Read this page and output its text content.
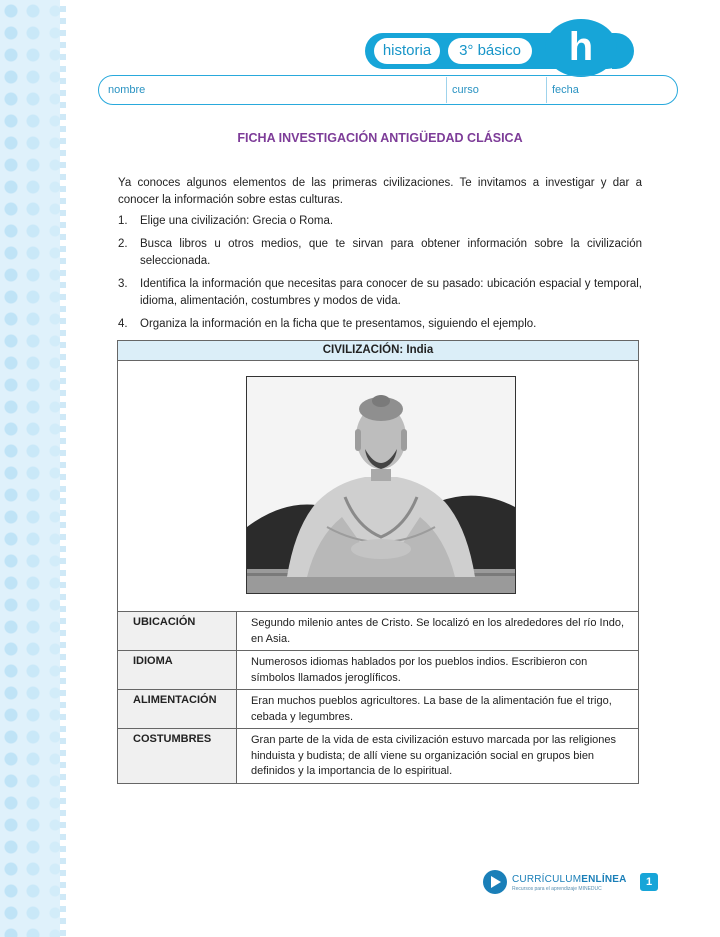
historia	3° básico	h
nombre	curso	fecha
FICHA INVESTIGACIÓN ANTIGÜEDAD CLÁSICA

Ya conoces algunos elementos de las primeras civilizaciones. Te invitamos a investigar y dar a conocer la información sobre estas culturas.

1. Elige una civilización: Grecia o Roma.
2. Busca libros u otros medios, que te sirvan para obtener información sobre la civilización seleccionada.
3. Identifica la información que necesitas para conocer de su pasado: ubicación espacial y temporal, idioma, alimentación, costumbres y modos de vida.
4. Organiza la información en la ficha que te presentamos, siguiendo el ejemplo.
CIVILIZACIÓN: India
UBICACIÓN	Segundo milenio antes de Cristo. Se localizó en los alrededores del río Indo, en Asia.
IDIOMA	Numerosos idiomas hablados por los pueblos indios. Escribieron con símbolos llamados jeroglíficos.
ALIMENTACIÓN	Eran muchos pueblos agricultores. La base de la alimentación fue el trigo, cebada y legumbres.
COSTUMBRES	Gran parte de la vida de esta civilización estuvo marcada por las religiones hinduista y budista; de allí viene su organización social en grupos bien definidos y la importancia de lo espiritual.
CURRÍCULUMENLÍNEA
Recursos para el aprendizaje MINEDUC
1
